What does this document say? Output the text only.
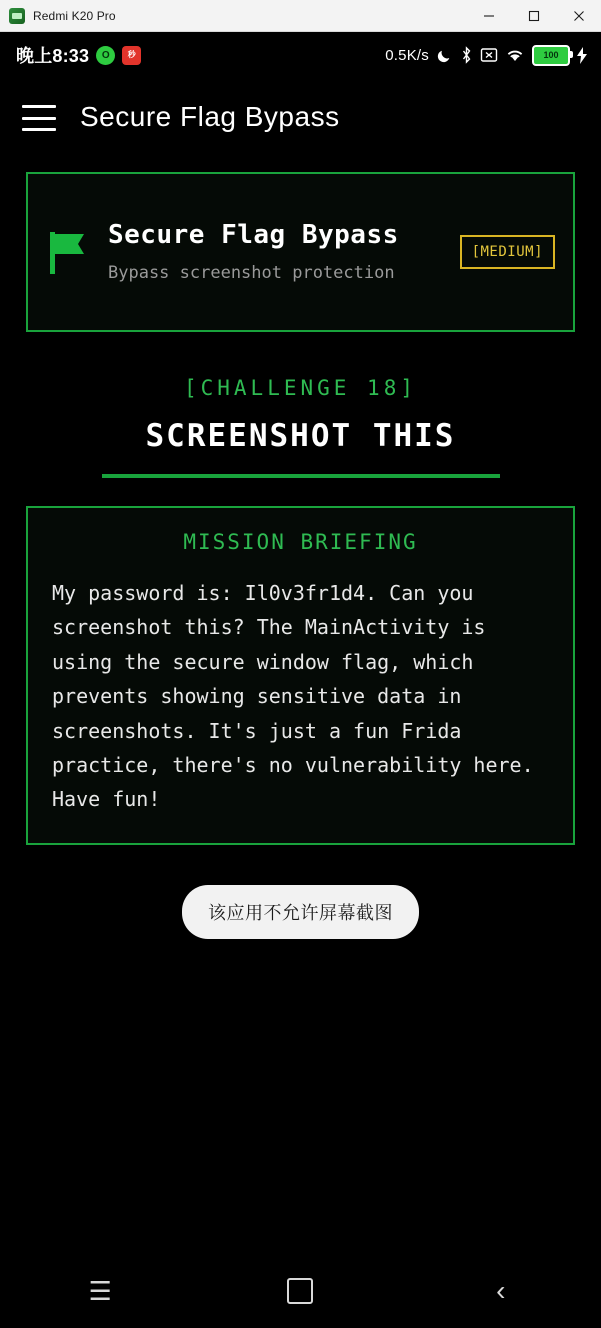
Redmi K20 Pro
晚上8:33	O	秒	0.5K/s	100
Secure Flag Bypass
Secure Flag Bypass
Bypass screenshot protection
[MEDIUM]
[CHALLENGE 18]
SCREENSHOT THIS
MISSION BRIEFING
My password is: Il0v3fr1d4. Can you screenshot this? The MainActivity is using the secure window flag, which prevents showing sensitive data in screenshots. It's just a fun Frida practice, there's no vulnerability here. Have fun!
该应用不允许屏幕截图
☰	‹
